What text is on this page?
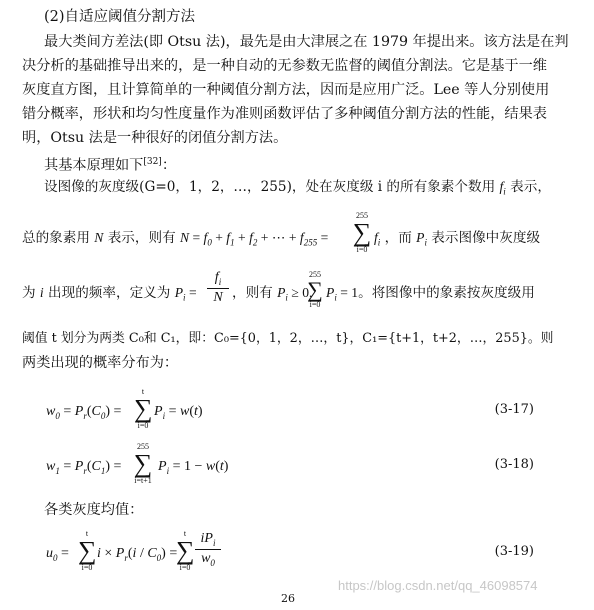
(2)自适应阈值分割方法
最大类间方差法(即 Otsu 法)，最先是由大津展之在 1979 年提出来。该方法是在判
决分析的基础推导出来的，是一种自动的无参数无监督的阈值分割法。它是基于一维
灰度直方图，且计算简单的一种阈值分割方法，因而是应用广泛。Lee 等人分别使用
错分概率，形状和均匀性度量作为准则函数评估了多种阈值分割方法的性能，结果表
明，Otsu 法是一种很好的闭值分割方法。
其基本原理如下[32]：
设图像的灰度级(G=0，1，2，…，255)，处在灰度级 i 的所有象素个数用 $f_i$ 表示，
总的象素用 N 表示，则有 $N = f_0 + f_1 + f_2$ + ⋯ + $f_{255}$ =
255
∑
i=0
$f_i$ ，而 $P_i$ 表示图像中灰度级
为 i 出现的频率，定义为 $P_i$ =
$f_i$
N ，则有 $P_i \ge 0$,
255
∑
i=0
$P_i = 1$。将图像中的象素按灰度级用
阈值 t 划分为两类 C₀和 C₁，即：C₀={0，1，2，…，t}，C₁={t+1，t+2，…，255}。则
两类出现的概率分布为：
$w_0 = P_r(C_0)$ =
t
∑
i=0
$P_i = w(t)$	(3-17)
$w_1 = P_r(C_1)$ =
255
∑
i=t+1
$P_i = 1 - w(t)$	(3-18)
各类灰度均值：
$u_0$ =
t
∑
i=0
$i \times P_r(i / C_0)$ =
t
∑
i=0
$iP_i$
$w_0$
(3-19)
https://blog.csdn.net/qq_46098574
26
